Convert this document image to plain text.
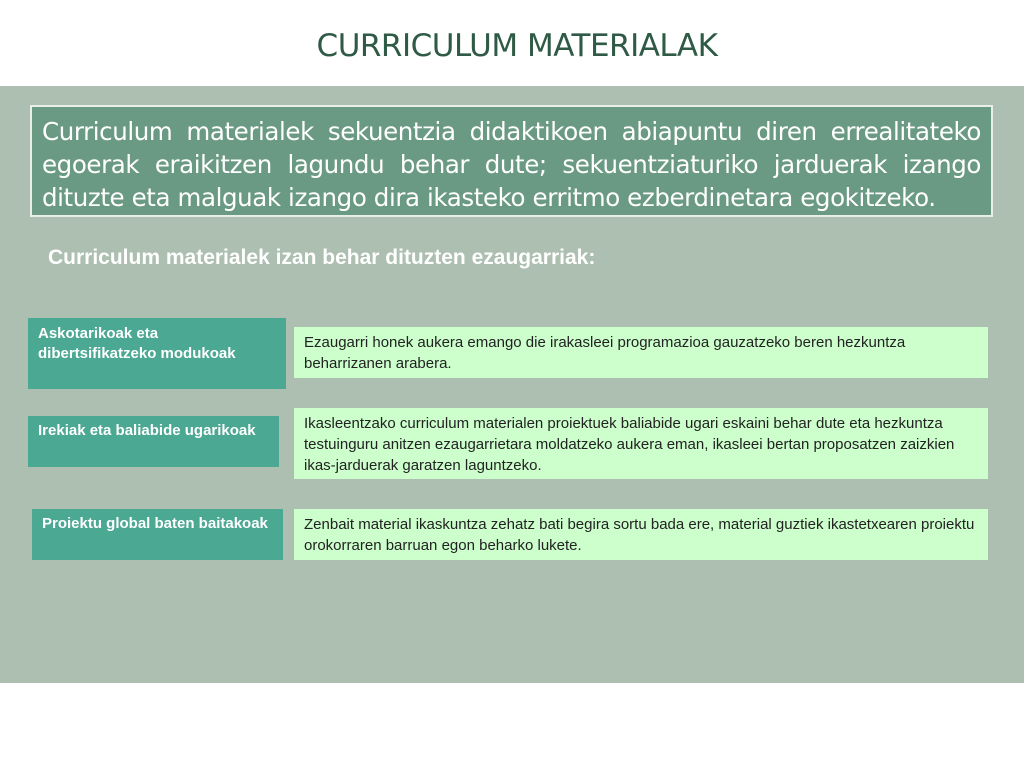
CURRICULUM MATERIALAK
Curriculum materialek sekuentzia didaktikoen abiapuntu diren errealitateko egoerak eraikitzen lagundu behar dute; sekuentziaturiko jarduerak izango dituzte eta malguak izango dira ikasteko erritmo ezberdinetara egokitzeko.
Curriculum materialek izan behar dituzten ezaugarriak:
Askotarikoak eta dibertsifikatzeko modukoak
Ezaugarri honek aukera emango die irakasleei programazioa gauzatzeko beren hezkuntza beharrizanen arabera.
Irekiak eta baliabide ugarikoak	Ikasleentzako curriculum materialen proiektuek baliabide ugari eskaini behar dute eta hezkuntza testuinguru anitzen ezaugarrietara moldatzeko aukera eman, ikasleei bertan proposatzen zaizkien ikas-jarduerak garatzen laguntzeko.
Proiektu global baten baitakoak	Zenbait material ikaskuntza zehatz bati begira sortu bada ere, material guztiek ikastetxearen proiektu orokorraren barruan egon beharko lukete.
